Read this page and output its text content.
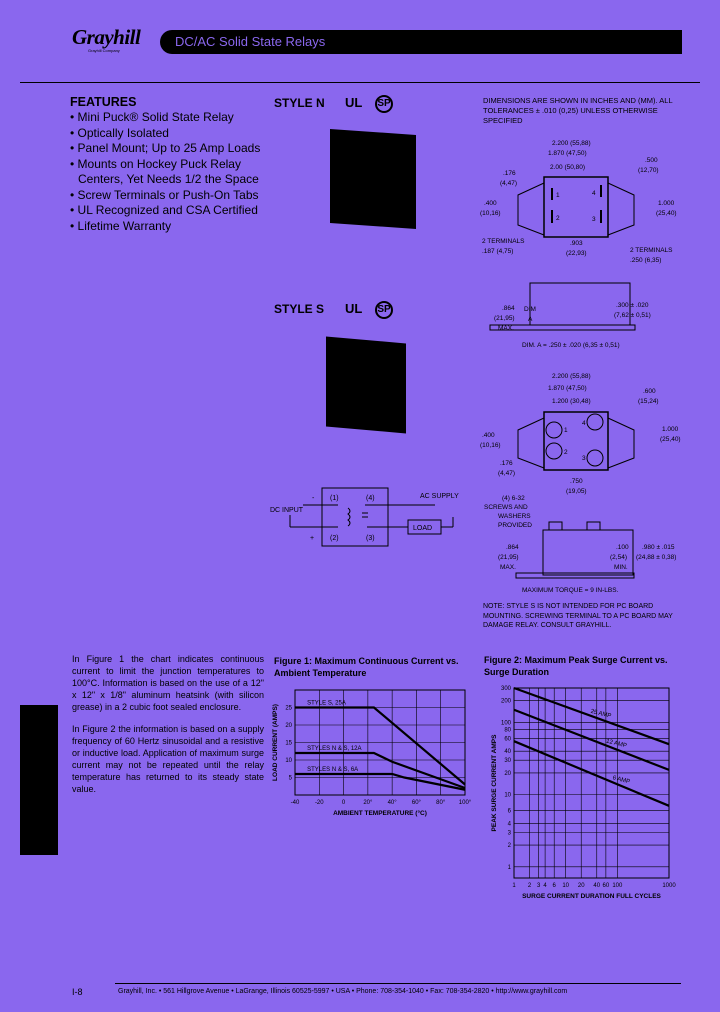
Grayhill
Grayhill Company
DC/AC Solid State Relays
FEATURES
• Mini Puck® Solid State Relay
• Optically Isolated
• Panel Mount; Up to 25 Amp Loads
• Mounts on Hockey Puck Relay Centers, Yet Needs 1/2 the Space
• Screw Terminals or Push-On Tabs
• UL Recognized and CSA Certified
• Lifetime Warranty
STYLE N UL SP
STYLE S UL SP
DC INPUT
AC SUPPLY
LOAD
(1)
(2)
(4)
(3)
-
+
DIMENSIONS ARE SHOWN IN INCHES AND (MM). ALL TOLERANCES ± .010 (0,25) UNLESS OTHERWISE SPECIFIED
2.200 (55,88)
1.870 (47,50)
2.00 (50,80)
.176
(4,47)
.400
(10,16)
2 TERMINALS
.187 (4,75)
.903
(22,93)
.500
(12,70)
1.000
(25,40)
2 TERMINALS
.250 (6,35)
.864
(21,95)
MAX.
DIM
A
.300 ± .020
(7,62 ± 0,51)
DIM. A = .250 ± .020 (6,35 ± 0,51)
1
2	3
4
2.200 (55,88)
1.870 (47,50)
1.200 (30,48)
.600
(15,24)
.400
(10,16)
.176
(4,47)
1.000
(25,40)
.750
(19,05)
(4) 6-32
SCREWS AND
WASHERS
PROVIDED
.864
(21,95)
MAX.
.100
(2,54)
MIN.
.980 ± .015
(24,88 ± 0,38)
MAXIMUM TORQUE = 9 IN-LBS.
1
2
3
4
NOTE: STYLE S IS NOT INTENDED FOR PC BOARD MOUNTING. SCREWING TERMINAL TO A PC BOARD MAY DAMAGE RELAY. CONSULT GRAYHILL.

In Figure 1 the chart indicates continuous current to limit the junction temperatures to 100°C. Information is based on the use of a 12" x 12" x 1/8" aluminum heatsink (with silicon grease) in a 2 cubic foot sealed enclosure.

In Figure 2 the information is based on a supply frequency of 60 Hertz sinusoidal and a resistive or inductive load. Application of maximum surge current may not be repeated until the relay temperature has returned to its steady state value.

Figure 1: Maximum Continuous Current vs. Ambient Temperature
Figure 2: Maximum Peak Surge Current vs. Surge Duration
-40	-20	0	20°	40°	60°	80° 100°
5
10
15
20
25
STYLE S, 25A
STYLES N & S, 12A
STYLES N & S, 6A
AMBIENT TEMPERATURE (°C)
LOAD CURRENT (AMPS)
1 2 3 4 6 10 20 40 60 100	1000
1
2
3
4
6
10
20
30
40
60
80
100
200
300
25 AMP
12 AMP
6 AMP
SURGE CURRENT DURATION FULL CYCLES
PEAK SURGE CURRENT AMPS
I-8	Grayhill, Inc. • 561 Hillgrove Avenue • LaGrange, Illinois 60525-5997 • USA • Phone: 708-354-1040 • Fax: 708-354-2820 • http://www.grayhill.com
